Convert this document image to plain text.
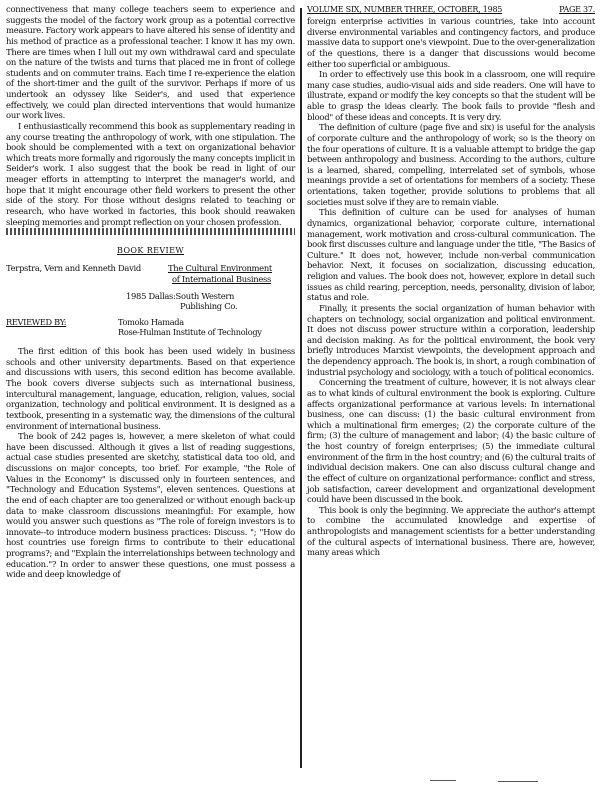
connectiveness that many college teachers seem to experience and suggests the model of the factory work group as a potential corrective measure. Factory work appears to have altered his sense of identity and his method of practice as a professional teacher. I know it has my own. There are times when I lull out my own withdrawal card and speculate on the nature of the twists and turns that placed me in front of college students and on commuter trains. Each time I re-experience the elation of the short-timer and the guilt of the survivor. Perhaps if more of us undertook an odyssey like Seider's, and used that experience effectively, we could plan directed interventions that would humanize our work lives.

I enthusiastically recommend this book as supplementary reading in any course treating the anthropology of work, with one stipulation. The book should be complemented with a text on organizational behavior which treats more formally and rigorously the many concepts implicit in Seider's work. I also suggest that the book be read in light of our meager efforts in attempting to interpret the manager's world, and hope that it might encourage other field workers to present the other side of the story. For those without designs related to teaching or research, who have worked in factories, this book should reawaken sleeping memories and prompt reflection on your chosen profession.

BOOK REVIEW
Terpstra, Vern and Kenneth David	The Cultural Environment
of International Business
1985 Dallas:South Western
Publishing Co.
REVIEWED BY:	Tomoko Hamada
Rose-Hulman Institute of Technology

The first edition of this book has been used widely in business schools and other university departments. Based on that experience and discussions with users, this second edition has become available. The book covers diverse subjects such as international business, intercultural management, language, education, religion, values, social organization, technology and political environment. It is designed as a textbook, presenting in a systematic way, the dimensions of the cultural environment of international business.

The book of 242 pages is, however, a mere skeleton of what could have been discussed. Although it gives a list of reading suggestions, actual case studies presented are sketchy, statistical data too old, and discussions on major concepts, too brief. For example, "the Role of Values in the Economy" is discussed only in fourteen sentences, and "Technology and Education Systems", eleven sentences. Questions at the end of each chapter are too generalized or without enough back-up data to make classroom discussions meaningful: For example, how would you answer such questions as "The role of foreign investors is to innovate--to introduce modern business practices: Discuss. "; "How do host countries use foreign firms to contribute to their educational programs?; and "Explain the interrelationships between technology and education."? In order to answer these questions, one must possess a wide and deep knowledge of

VOLUME SIX, NUMBER THREE, OCTOBER, 1985	PAGE 37.

foreign enterprise activities in various countries, take into account diverse environmental variables and contingency factors, and produce massive data to support one's viewpoint. Due to the over-generalization of the questions, there is a danger that discussions would become either too superficial or ambiguous.

In order to effectively use this book in a classroom, one will require many case studies, audio-visual aids and side readers. One will have to illustrate, expand or modify the key concepts so that the student will be able to grasp the ideas clearly. The book fails to provide "flesh and blood" of these ideas and concepts. It is very dry.

The definition of culture (page five and six) is useful for the analysis of corporate culture and the anthropology of work; so is the theory on the four operations of culture. It is a valuable attempt to bridge the gap between anthropology and business. According to the authors, culture is a learned, shared, compelling, interrelated set of symbols, whose meanings provide a set of orientations for members of a society. These orientations, taken together, provide solutions to problems that all societies must solve if they are to remain viable.

This definition of culture can be used for analyses of human dynamics, organizational behavior, corporate culture, international management, work motivation and cross-cultural communication. The book first discusses culture and language under the title, "The Basics of Culture." It does not, however, include non-verbal communication behavior. Next, it focuses on socialization, discussing education, religion and values. The book does not, however, explore in detail such issues as child rearing, perception, needs, personality, division of labor, status and role.

Finally, it presents the social organization of human behavior with chapters on technology, social organization and political environment. It does not discuss power structure within a corporation, leadership and decision making. As for the political environment, the book very briefly introduces Marxist viewpoints, the development approach and the dependency approach. The book is, in short, a rough combination of industrial psychology and sociology, with a touch of political economics.

Concerning the treatment of culture, however, it is not always clear as to what kinds of cultural environment the book is exploring. Culture affects organizational performance at various levels: In international business, one can discuss: (1) the basic cultural environment from which a multinational firm emerges; (2) the corporate culture of the firm; (3) the culture of management and labor; (4) the basic culture of the host country of foreign enterprises; (5) the immediate cultural environment of the firm in the host country; and (6) the cultural traits of individual decision makers. One can also discuss cultural change and the effect of culture on organizational performance: conflict and stress, job satisfaction, career development and organizational development could have been discussed in the book.

This book is only the beginning. We appreciate the author's attempt to combine the accumulated knowledge and expertise of anthropologists and management scientists for a better understanding of the cultural aspects of international business. There are, however, many areas which
